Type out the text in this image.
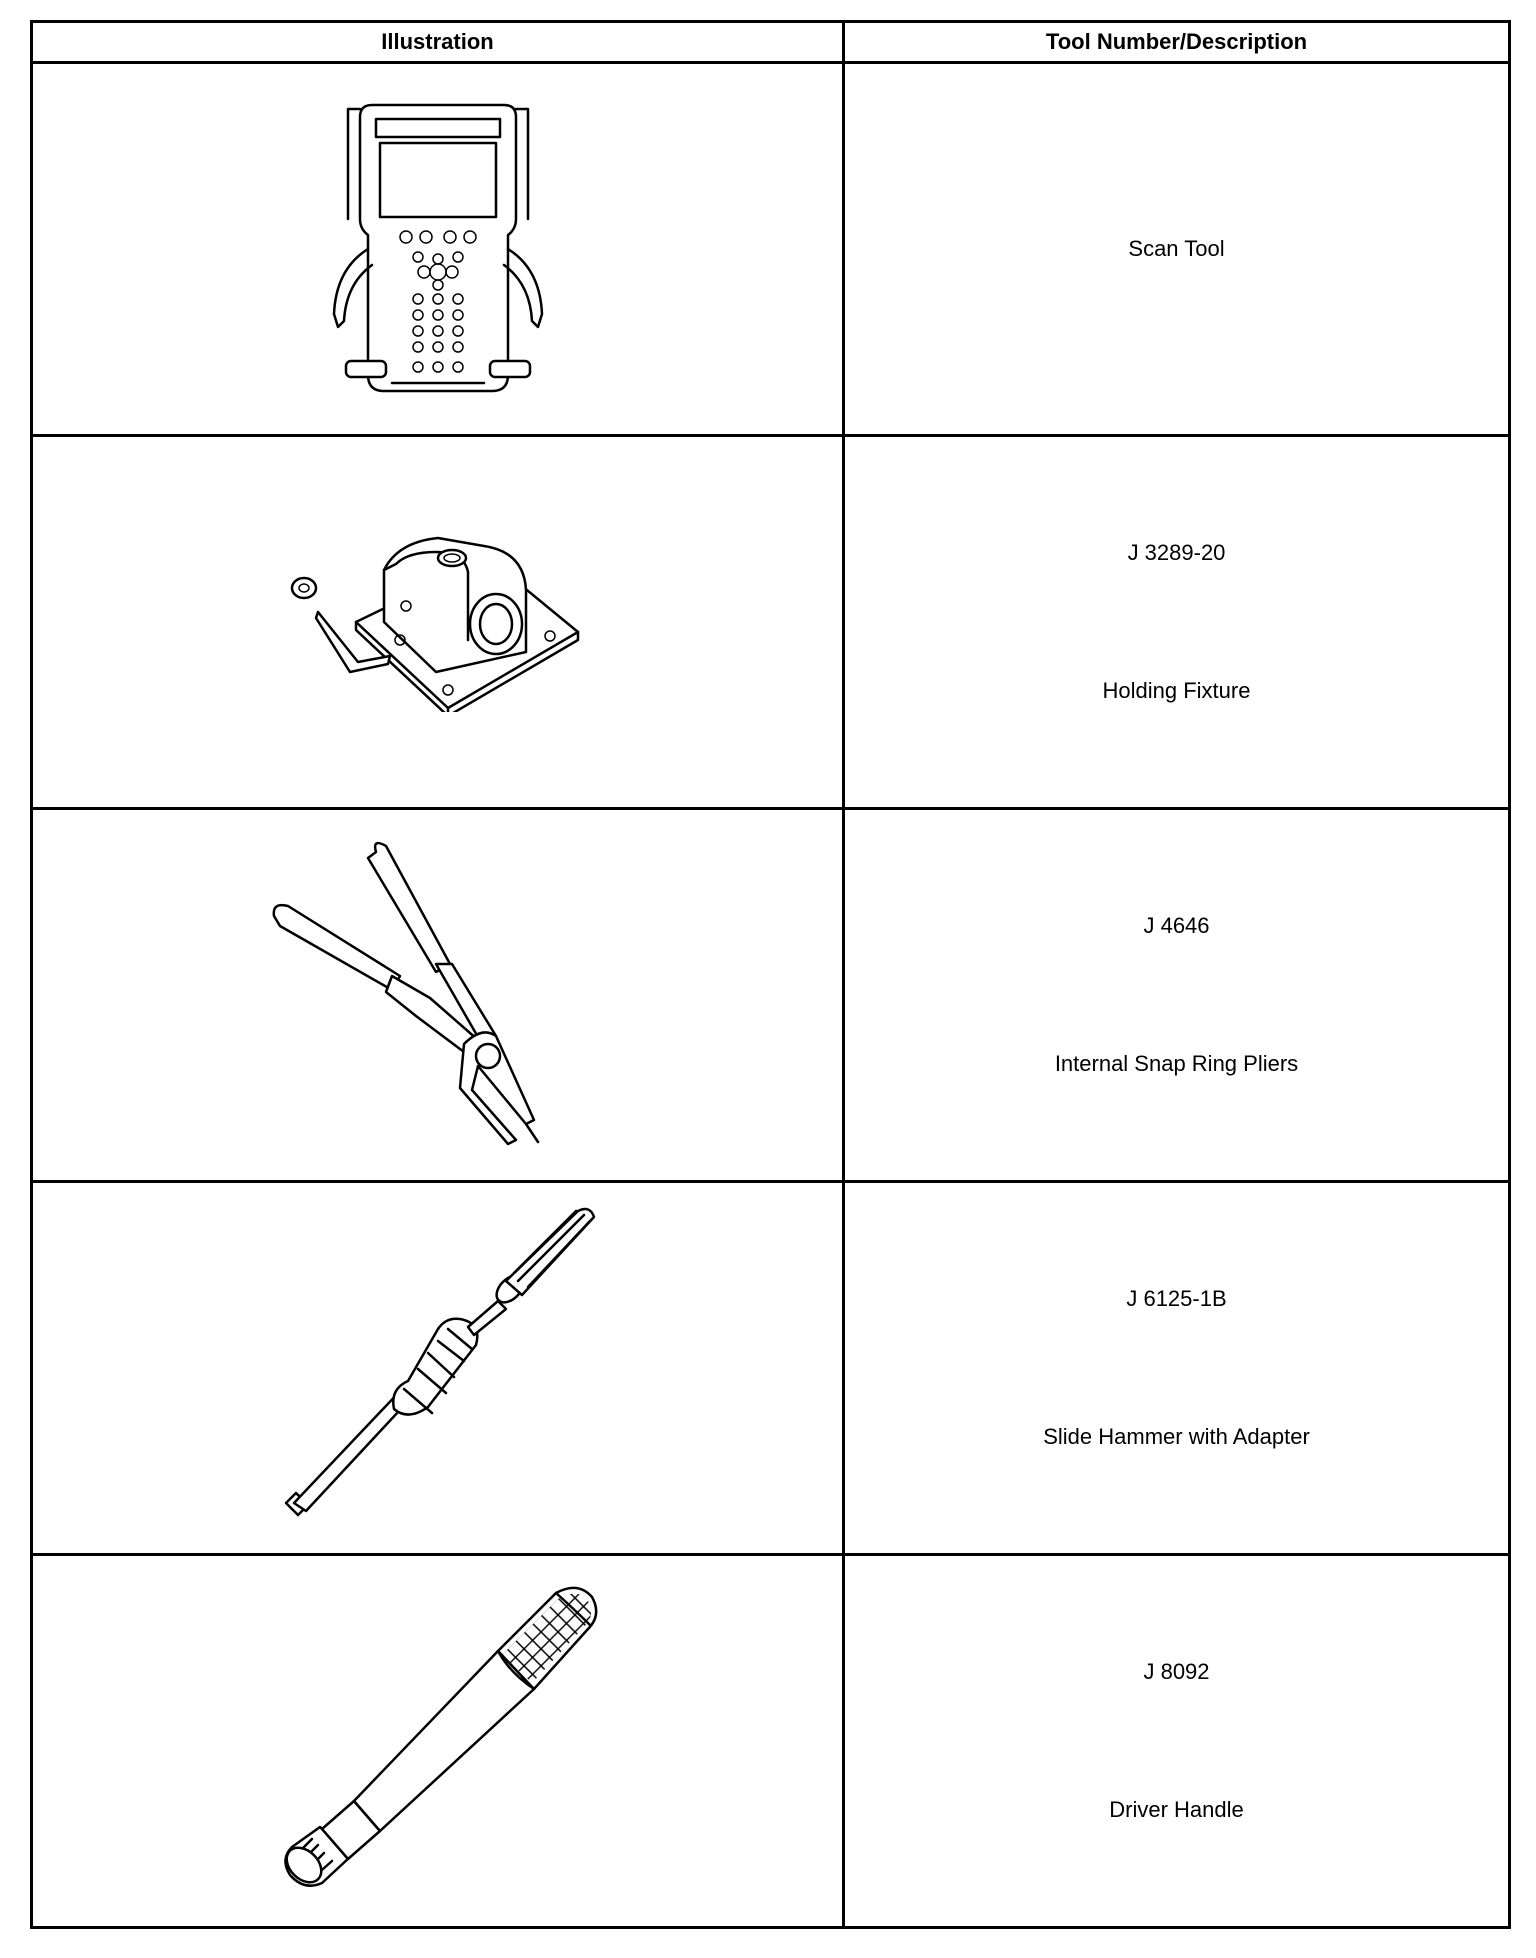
Illustration	Tool Number/Description

Scan Tool

J 3289-20
Holding Fixture

J 4646
Internal Snap Ring Pliers

J 6125-1B
Slide Hammer with Adapter

J 8092
Driver Handle
